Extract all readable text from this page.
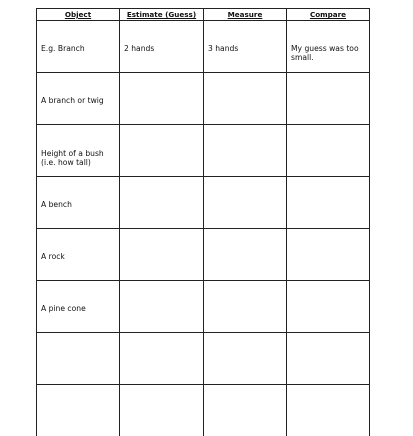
Object	Estimate (Guess)	Measure	Compare

E.g. Branch	2 hands	3 hands	My guess was too small.

A branch or twig			

Height of a bush (i.e. how tall)			

A bench			

A rock			

A pine cone			
